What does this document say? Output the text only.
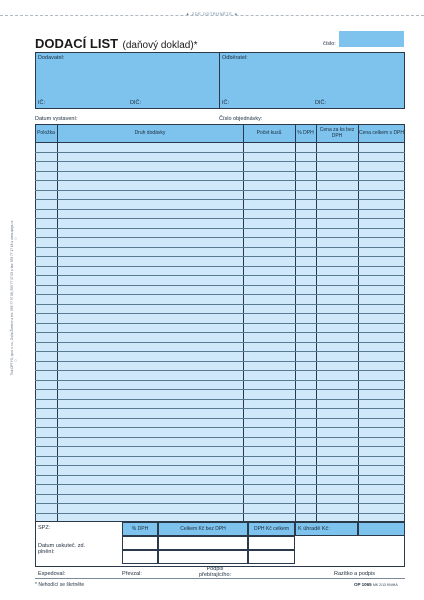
▲ ZDE ODTRHNĚTE ▲
Tisk OPTYS, spol. s r.o., Dolní Životice ● tel.: 553 77 97 06, 553 77 17 03 ● fax: 553 77 17 18 ● www.optys.cz ○
○
DODACÍ LIST (daňový doklad)*	číslo:
Dodavatel:
IČ:	DIČ:
Odběratel:
IČ:	DIČ:
Datum vystavení:	Číslo objednávky:
Položka	Druh dodávky	Počet kusů	% DPH	Cena za ks bez DPH	Cena celkem s DPH
SPZ:	% DPH	Celkem Kč bez DPH	DPH Kč celkem	K úhradě Kč:
Datum uskuteč. zd. plnění:
Expedoval:	Převzal:
Podpis přebírajícího:	Razítko a podpis
* Nehodící se škrtněte	OP 1065 MK 2/13 KNIHA
